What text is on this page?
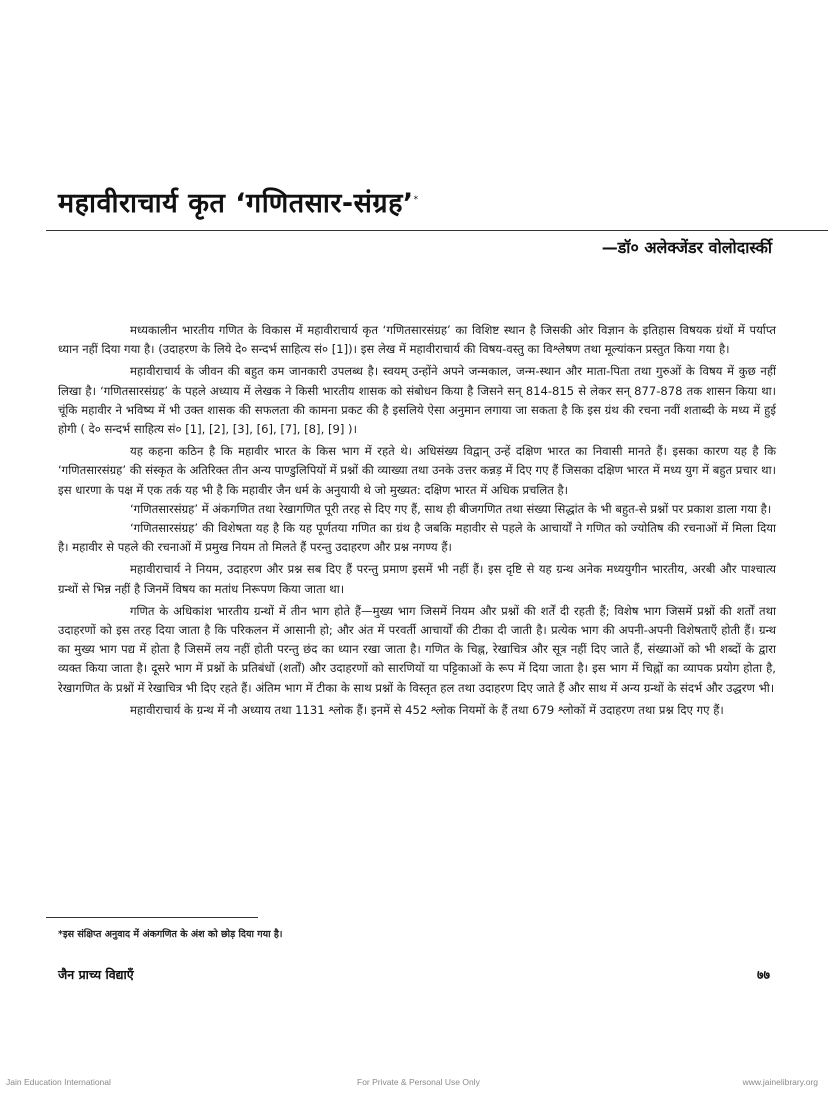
महावीराचार्य कृत ‘गणितसार-संग्रह’*
—डॉ० अलेक्जेंडर वोलोदार्स्की

मध्यकालीन भारतीय गणित के विकास में महावीराचार्य कृत ‘गणितसारसंग्रह’ का विशिष्ट स्थान है जिसकी ओर विज्ञान के इतिहास विषयक ग्रंथों में पर्याप्त ध्यान नहीं दिया गया है। (उदाहरण के लिये दे० सन्दर्भ साहित्य सं० [1])। इस लेख में महावीराचार्य की विषय-वस्तु का विश्लेषण तथा मूल्यांकन प्रस्तुत किया गया है।

महावीराचार्य के जीवन की बहुत कम जानकारी उपलब्ध है। स्वयम् उन्होंने अपने जन्मकाल, जन्म-स्थान और माता-पिता तथा गुरुओं के विषय में कुछ नहीं लिखा है। ‘गणितसारसंग्रह’ के पहले अध्याय में लेखक ने किसी भारतीय शासक को संबोधन किया है जिसने सन् 814-815 से लेकर सन् 877-878 तक शासन किया था। चूंकि महावीर ने भविष्य में भी उक्त शासक की सफलता की कामना प्रकट की है इसलिये ऐसा अनुमान लगाया जा सकता है कि इस ग्रंथ की रचना नवीं शताब्दी के मध्य में हुई होगी ( दे० सन्दर्भ साहित्य सं० [1], [2], [3], [6], [7], [8], [9] )।

यह कहना कठिन है कि महावीर भारत के किस भाग में रहते थे। अधिसंख्य विद्वान् उन्हें दक्षिण भारत का निवासी मानते हैं। इसका कारण यह है कि ‘गणितसारसंग्रह’ की संस्कृत के अतिरिक्त तीन अन्य पाण्डुलिपियों में प्रश्नों की व्याख्या तथा उनके उत्तर कन्नड़ में दिए गए हैं जिसका दक्षिण भारत में मध्य युग में बहुत प्रचार था। इस धारणा के पक्ष में एक तर्क यह भी है कि महावीर जैन धर्म के अनुयायी थे जो मुख्यत: दक्षिण भारत में अधिक प्रचलित है।

‘गणितसारसंग्रह’ में अंकगणित तथा रेखागणित पूरी तरह से दिए गए हैं, साथ ही बीजगणित तथा संख्या सिद्धांत के भी बहुत-से प्रश्नों पर प्रकाश डाला गया है।

‘गणितसारसंग्रह’ की विशेषता यह है कि यह पूर्णतया गणित का ग्रंथ है जबकि महावीर से पहले के आचार्यों ने गणित को ज्योतिष की रचनाओं में मिला दिया है। महावीर से पहले की रचनाओं में प्रमुख नियम तो मिलते हैं परन्तु उदाहरण और प्रश्न नगण्य हैं।

महावीराचार्य ने नियम, उदाहरण और प्रश्न सब दिए हैं परन्तु प्रमाण इसमें भी नहीं हैं। इस दृष्टि से यह ग्रन्थ अनेक मध्ययुगीन भारतीय, अरबी और पाश्चात्य ग्रन्थों से भिन्न नहीं है जिनमें विषय का मतांध निरूपण किया जाता था।

गणित के अधिकांश भारतीय ग्रन्थों में तीन भाग होते हैं—मुख्य भाग जिसमें नियम और प्रश्नों की शर्तें दी रहती हैं; विशेष भाग जिसमें प्रश्नों की शर्तों तथा उदाहरणों को इस तरह दिया जाता है कि परिकलन में आसानी हो; और अंत में परवर्ती आचार्यों की टीका दी जाती है। प्रत्येक भाग की अपनी-अपनी विशेषताएँ होती हैं। ग्रन्थ का मुख्य भाग पद्य में होता है जिसमें लय नहीं होती परन्तु छंद का ध्यान रखा जाता है। गणित के चिह्न, रेखाचित्र और सूत्र नहीं दिए जाते हैं, संख्याओं को भी शब्दों के द्वारा व्यक्त किया जाता है। दूसरे भाग में प्रश्नों के प्रतिबंधों (शर्तों) और उदाहरणों को सारणियों या पट्टिकाओं के रूप में दिया जाता है। इस भाग में चिह्नों का व्यापक प्रयोग होता है, रेखागणित के प्रश्नों में रेखाचित्र भी दिए रहते हैं। अंतिम भाग में टीका के साथ प्रश्नों के विस्तृत हल तथा उदाहरण दिए जाते हैं और साथ में अन्य ग्रन्थों के संदर्भ और उद्धरण भी।

महावीराचार्य के ग्रन्थ में नौ अध्याय तथा 1131 श्लोक हैं। इनमें से 452 श्लोक नियमों के हैं तथा 679 श्लोकों में उदाहरण तथा प्रश्न दिए गए हैं।

*इस संक्षिप्त अनुवाद में अंकगणित के अंश को छोड़ दिया गया है।
जैन प्राच्य विद्याएँ	७७
Jain Education International	For Private & Personal Use Only	www.jainelibrary.org
